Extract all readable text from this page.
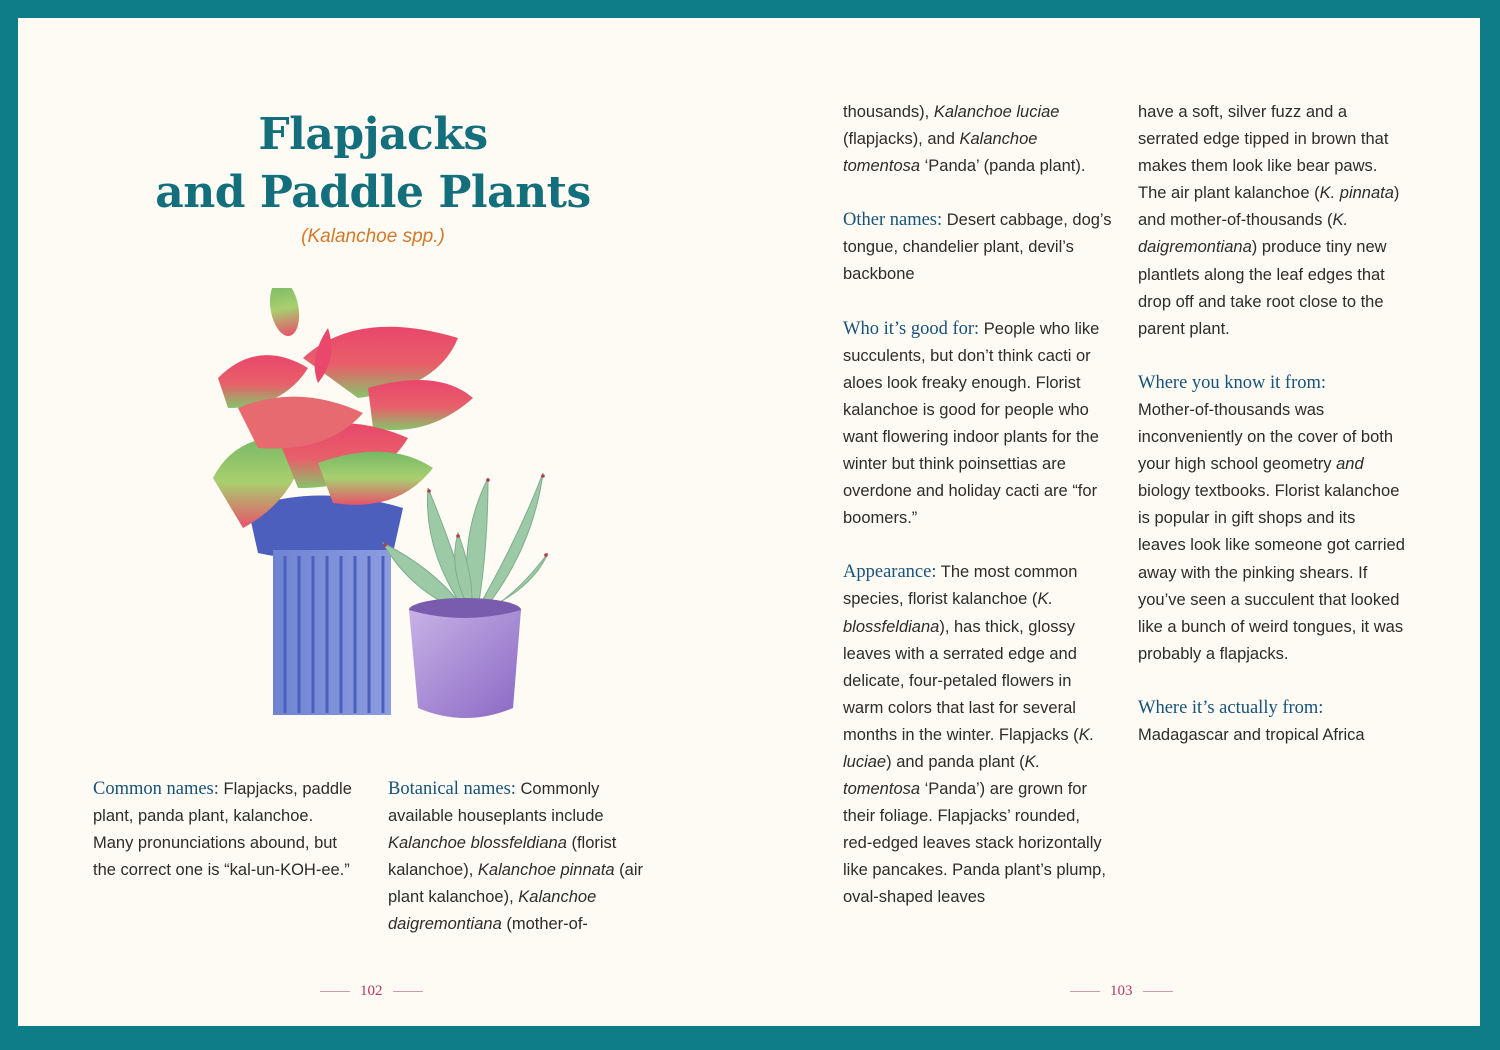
Flapjacks
and Paddle Plants
(Kalanchoe spp.)

Common names: Flapjacks, paddle plant, panda plant, kalanchoe. Many pronunciations abound, but the correct one is “kal-un-KOH-ee.”

Botanical names: Commonly available houseplants include Kalanchoe blossfeldiana (florist kalanchoe), Kalanchoe pinnata (air plant kalanchoe), Kalanchoe daigremontiana (mother-of-

102

thousands), Kalanchoe luciae (flapjacks), and Kalanchoe tomentosa ‘Panda’ (panda plant).

Other names: Desert cabbage, dog’s tongue, chandelier plant, devil’s backbone

Who it’s good for: People who like succulents, but don’t think cacti or aloes look freaky enough. Florist kalanchoe is good for people who want flowering indoor plants for the winter but think poinsettias are overdone and holiday cacti are “for boomers.”

Appearance: The most common species, florist kalanchoe (K. blossfeldiana), has thick, glossy leaves with a serrated edge and delicate, four-petaled flowers in warm colors that last for several months in the winter. Flapjacks (K. luciae) and panda plant (K. tomentosa ‘Panda’) are grown for their foliage. Flapjacks’ rounded, red-edged leaves stack horizontally like pancakes. Panda plant’s plump, oval-shaped leaves

have a soft, silver fuzz and a serrated edge tipped in brown that makes them look like bear paws. The air plant kalanchoe (K. pinnata) and mother-of-thousands (K. daigremontiana) produce tiny new plantlets along the leaf edges that drop off and take root close to the parent plant.

Where you know it from:
Mother-of-thousands was inconveniently on the cover of both your high school geometry and biology textbooks. Florist kalanchoe is popular in gift shops and its leaves look like someone got carried away with the pinking shears. If you’ve seen a succulent that looked like a bunch of weird tongues, it was probably a flapjacks.

Where it’s actually from:
Madagascar and tropical Africa

103
